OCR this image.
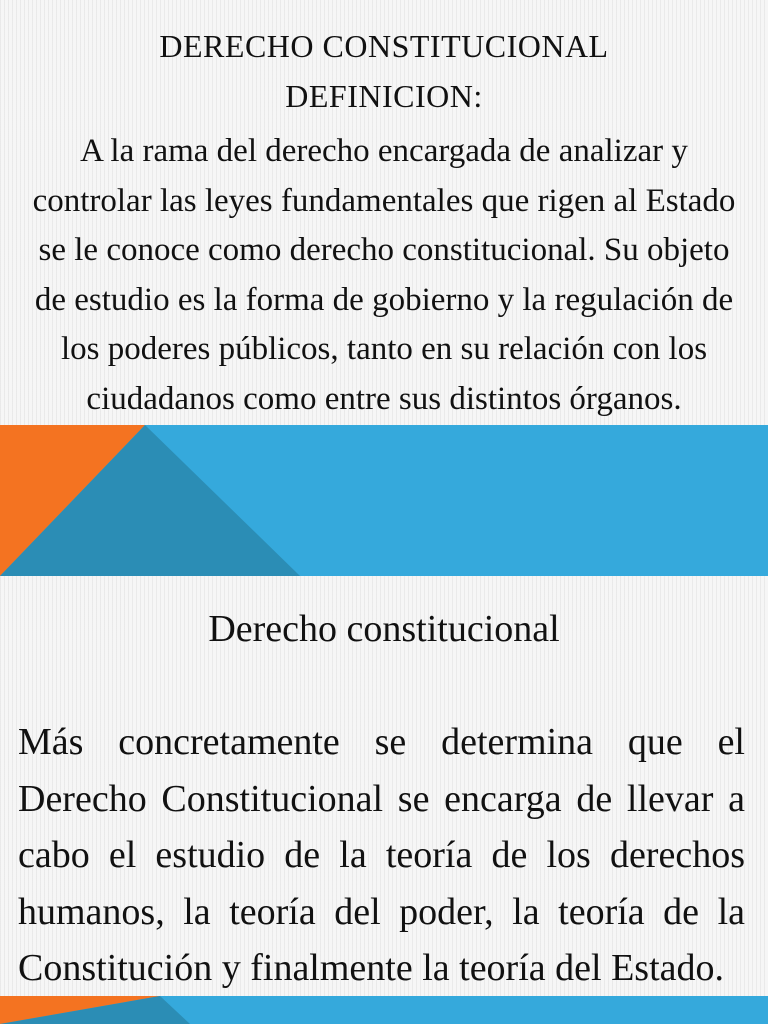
DERECHO CONSTITUCIONAL
DEFINICION:

A la rama del derecho encargada de analizar y controlar las leyes fundamentales que rigen al Estado se le conoce como derecho constitucional. Su objeto de estudio es la forma de gobierno y la regulación de los poderes públicos, tanto en su relación con los ciudadanos como entre sus distintos órganos.

Derecho constitucional

Más concretamente se determina que el Derecho Constitucional se encarga de llevar a cabo el estudio de la teoría de los derechos humanos, la teoría del poder, la teoría de la Constitución y finalmente la teoría del Estado.
